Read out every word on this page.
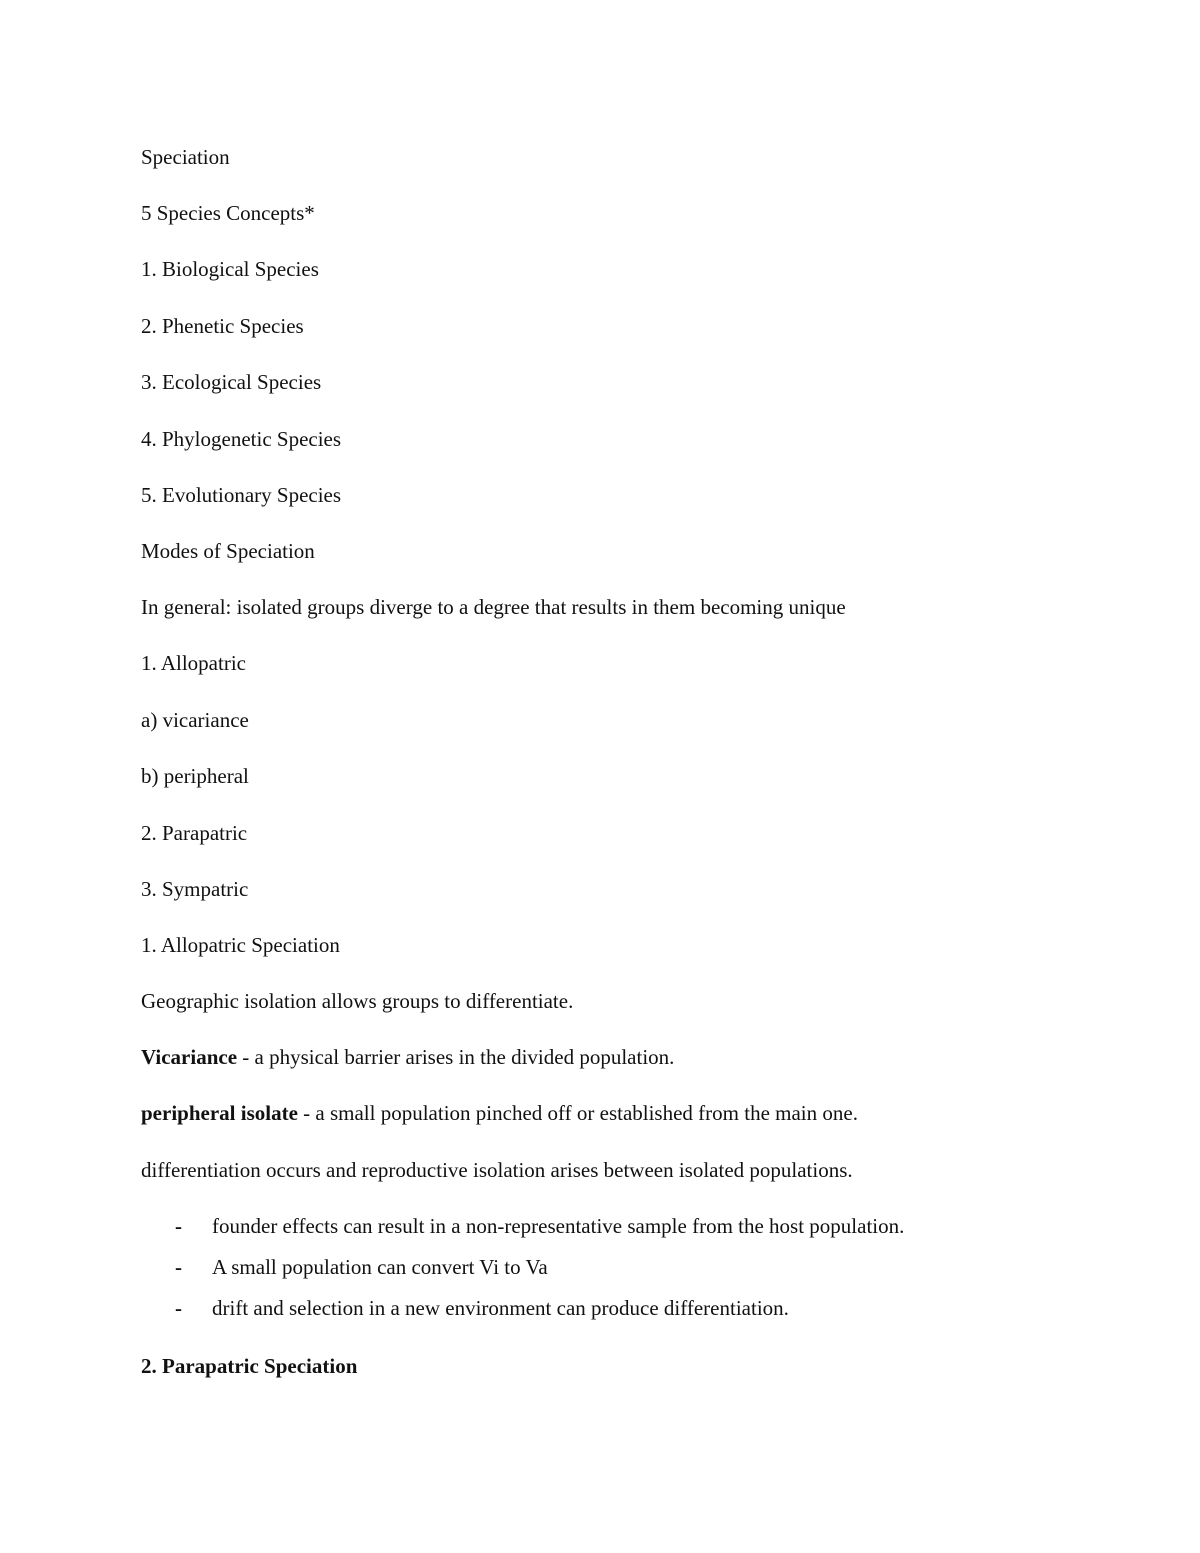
Speciation
5 Species Concepts*
1. Biological Species
2. Phenetic Species
3. Ecological Species
4. Phylogenetic Species
5. Evolutionary Species
Modes of Speciation
In general: isolated groups diverge to a degree that results in them becoming unique
1. Allopatric
a) vicariance
b) peripheral
2. Parapatric
3. Sympatric
1. Allopatric Speciation
Geographic isolation allows groups to differentiate.
Vicariance - a physical barrier arises in the divided population.
peripheral isolate - a small population pinched off or established from the main one.
differentiation occurs and reproductive isolation arises between isolated populations.
- founder effects can result in a non-representative sample from the host population.
- A small population can convert Vi to Va
- drift and selection in a new environment can produce differentiation.
2. Parapatric Speciation
